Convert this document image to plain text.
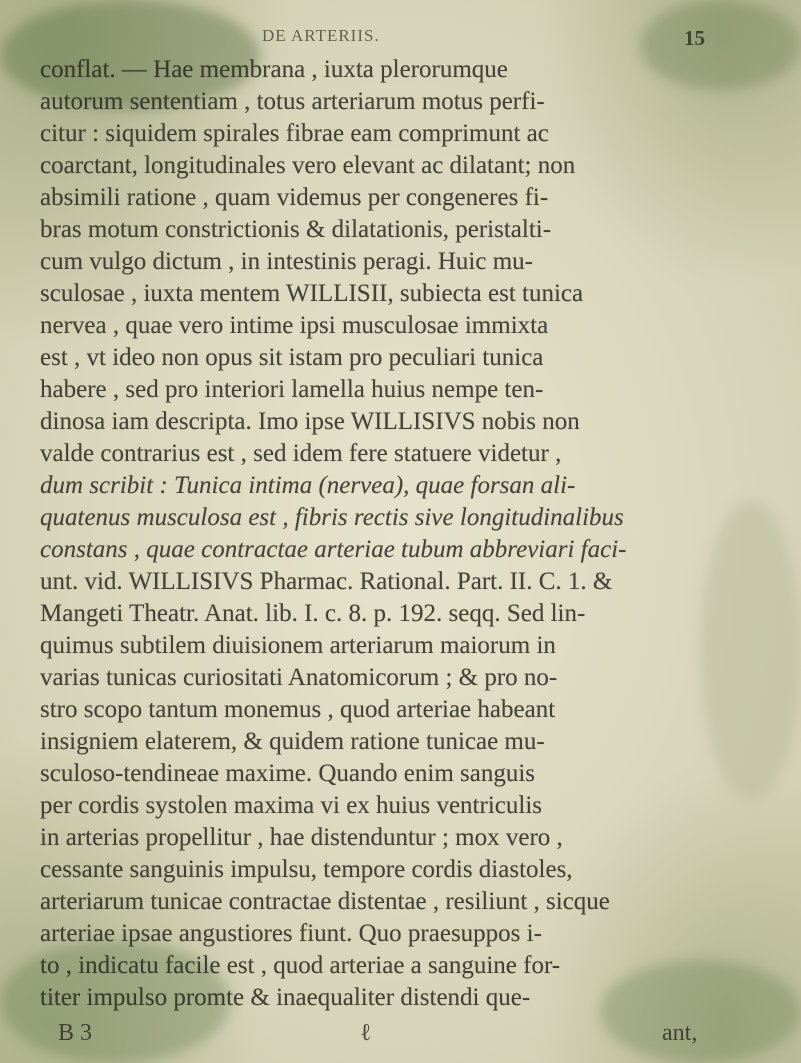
DE ARTERIIS.	15
conflat. — Hae membrana , iuxta plerorumque
autorum sententiam , totus arteriarum motus perfi-
citur : siquidem spirales fibrae eam comprimunt ac
coarctant, longitudinales vero elevant ac dilatant; non
absimili ratione , quam videmus per congeneres fi-
bras motum constrictionis & dilatationis, peristalti-
cum vulgo dictum , in intestinis peragi. Huic mu-
sculosae , iuxta mentem WILLISII, subiecta est tunica
nervea , quae vero intime ipsi musculosae immixta
est , vt ideo non opus sit istam pro peculiari tunica
habere , sed pro interiori lamella huius nempe ten-
dinosa iam descripta. Imo ipse WILLISIVS nobis non
valde contrarius est , sed idem fere statuere videtur ,
dum scribit : Tunica intima (nervea), quae forsan ali-
quatenus musculosa est , fibris rectis sive longitudinalibus
constans , quae contractae arteriae tubum abbreviari faci-
unt. vid. WILLISIVS Pharmac. Rational. Part. II. C. 1. &
Mangeti Theatr. Anat. lib. I. c. 8. p. 192. seqq. Sed lin-
quimus subtilem diuisionem arteriarum maiorum in
varias tunicas curiositati Anatomicorum ; & pro no-
stro scopo tantum monemus , quod arteriae habeant
insigniem elaterem, & quidem ratione tunicae mu-
sculoso-tendineae maxime. Quando enim sanguis
per cordis systolen maxima vi ex huius ventriculis
in arterias propellitur , hae distenduntur ; mox vero ,
cessante sanguinis impulsu, tempore cordis diastoles,
arteriarum tunicae contractae distentae , resiliunt , sicque
arteriae ipsae angustiores fiunt. Quo praesuppos i-
to , indicatu facile est , quod arteriae a sanguine for-
titer impulso promte & inaequaliter distendi que-
B 3	ℓ	ant,
